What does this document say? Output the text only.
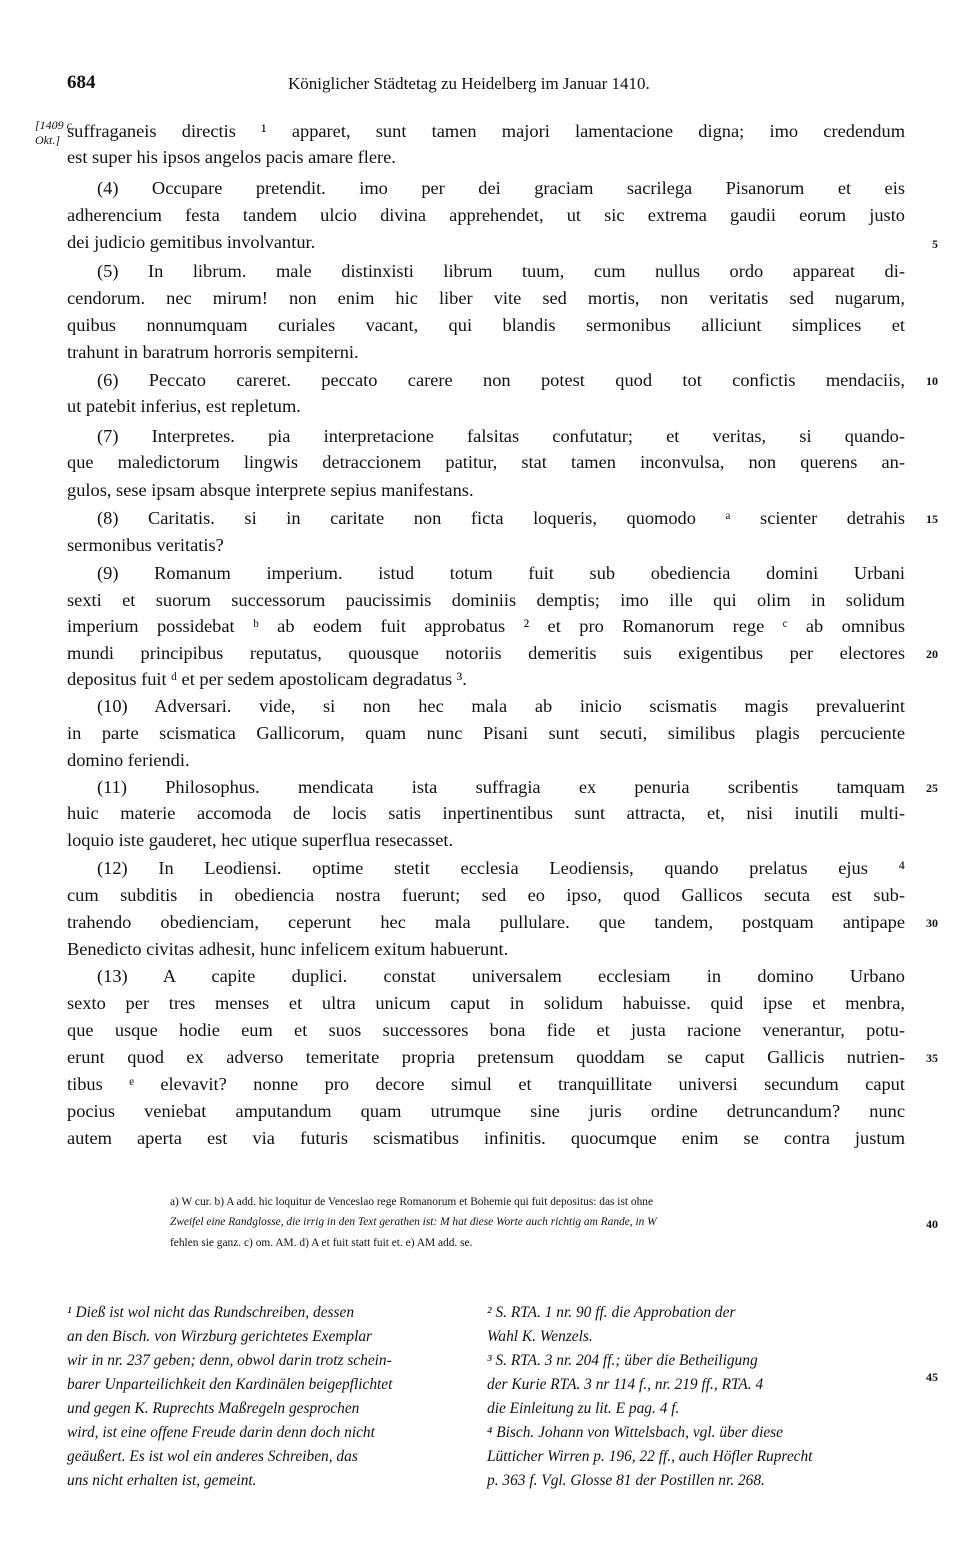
684	Königlicher Städtetag zu Heidelberg im Januar 1410.
[1409 c. Okt.] suffraganeis directis ¹ apparet, sunt tamen majori lamentacione digna; imo credendum
est super his ipsos angelos pacis amare flere.
(4) Occupare pretendit. imo per dei graciam sacrilega Pisanorum et eis
adherencium festa tandem ulcio divina apprehendet, ut sic extrema gaudii eorum justo
dei judicio gemitibus involvantur.
(5) In librum. male distinxisti librum tuum, cum nullus ordo appareat di-
cendorum. nec mirum! non enim hic liber vite sed mortis, non veritatis sed nugarum,
quibus nonnumquam curiales vacant, qui blandis sermonibus alliciunt simplices et
trahunt in baratrum horroris sempiterni.
(6) Peccato careret. peccato carere non potest quod tot confictis mendaciis,
ut patebit inferius, est repletum.
(7) Interpretes. pia interpretacione falsitas confutatur; et veritas, si quando-
que maledictorum lingwis detraccionem patitur, stat tamen inconvulsa, non querens an-
gulos, sese ipsam absque interprete sepius manifestans.
(8) Caritatis. si in caritate non ficta loqueris, quomodo ᵃ scienter detrahis
sermonibus veritatis?
(9) Romanum imperium. istud totum fuit sub obediencia domini Urbani
sexti et suorum successorum paucissimis dominiis demptis; imo ille qui olim in solidum
imperium possidebat ᵇ ab eodem fuit approbatus ² et pro Romanorum rege ᶜ ab omnibus
mundi principibus reputatus, quousque notoriis demeritis suis exigentibus per electores
depositus fuit ᵈ et per sedem apostolicam degradatus ³.
(10) Adversari. vide, si non hec mala ab inicio scismatis magis prevaluerint
in parte scismatica Gallicorum, quam nunc Pisani sunt secuti, similibus plagis percuciente
domino feriendi.
(11) Philosophus. mendicata ista suffragia ex penuria scribentis tamquam
huic materie accomoda de locis satis inpertinentibus sunt attracta, et, nisi inutili multi-
loquio iste gauderet, hec utique superflua resecasset.
(12) In Leodiensi. optime stetit ecclesia Leodiensis, quando prelatus ejus ⁴
cum subditis in obediencia nostra fuerunt; sed eo ipso, quod Gallicos secuta est sub-
trahendo obedienciam, ceperunt hec mala pullulare. que tandem, postquam antipape
Benedicto civitas adhesit, hunc infelicem exitum habuerunt.
(13) A capite duplici. constat universalem ecclesiam in domino Urbano
sexto per tres menses et ultra unicum caput in solidum habuisse. quid ipse et menbra,
que usque hodie eum et suos successores bona fide et justa racione venerantur, potu-
erunt quod ex adverso temeritate propria pretensum quoddam se caput Gallicis nutrien-
tibus ᵉ elevavit? nonne pro decore simul et tranquillitate universi secundum caput
pocius veniebat amputandum quam utrumque sine juris ordine detruncandum? nunc
autem aperta est via futuris scismatibus infinitis. quocumque enim se contra justum
5
10
15
20
25
30
35
40
45
a) W cur. b) A add. hic loquitur de Venceslao rege Romanorum et Bohemie qui fuit depositus: das ist ohne
Zweifel eine Randglosse, die irrig in den Text gerathen ist: M hat diese Worte auch richtig am Rande, in W
fehlen sie ganz. c) om. AM. d) A et fuit statt fuit et. e) AM add. se.
¹ Dieß ist wol nicht das Rundschreiben, dessen
an den Bisch. von Wirzburg gerichtetes Exemplar
wir in nr. 237 geben; denn, obwol darin trotz schein-
barer Unparteilichkeit den Kardinälen beigepflichtet
und gegen K. Ruprechts Maßregeln gesprochen
wird, ist eine offene Freude darin denn doch nicht
geäußert. Es ist wol ein anderes Schreiben, das
uns nicht erhalten ist, gemeint.
² S. RTA. 1 nr. 90 ff. die Approbation der
Wahl K. Wenzels.
³ S. RTA. 3 nr. 204 ff.; über die Betheiligung
der Kurie RTA. 3 nr 114 f., nr. 219 ff., RTA. 4
die Einleitung zu lit. E pag. 4 f.
⁴ Bisch. Johann von Wittelsbach, vgl. über diese
Lütticher Wirren p. 196, 22 ff., auch Höfler Ruprecht
p. 363 f. Vgl. Glosse 81 der Postillen nr. 268.
